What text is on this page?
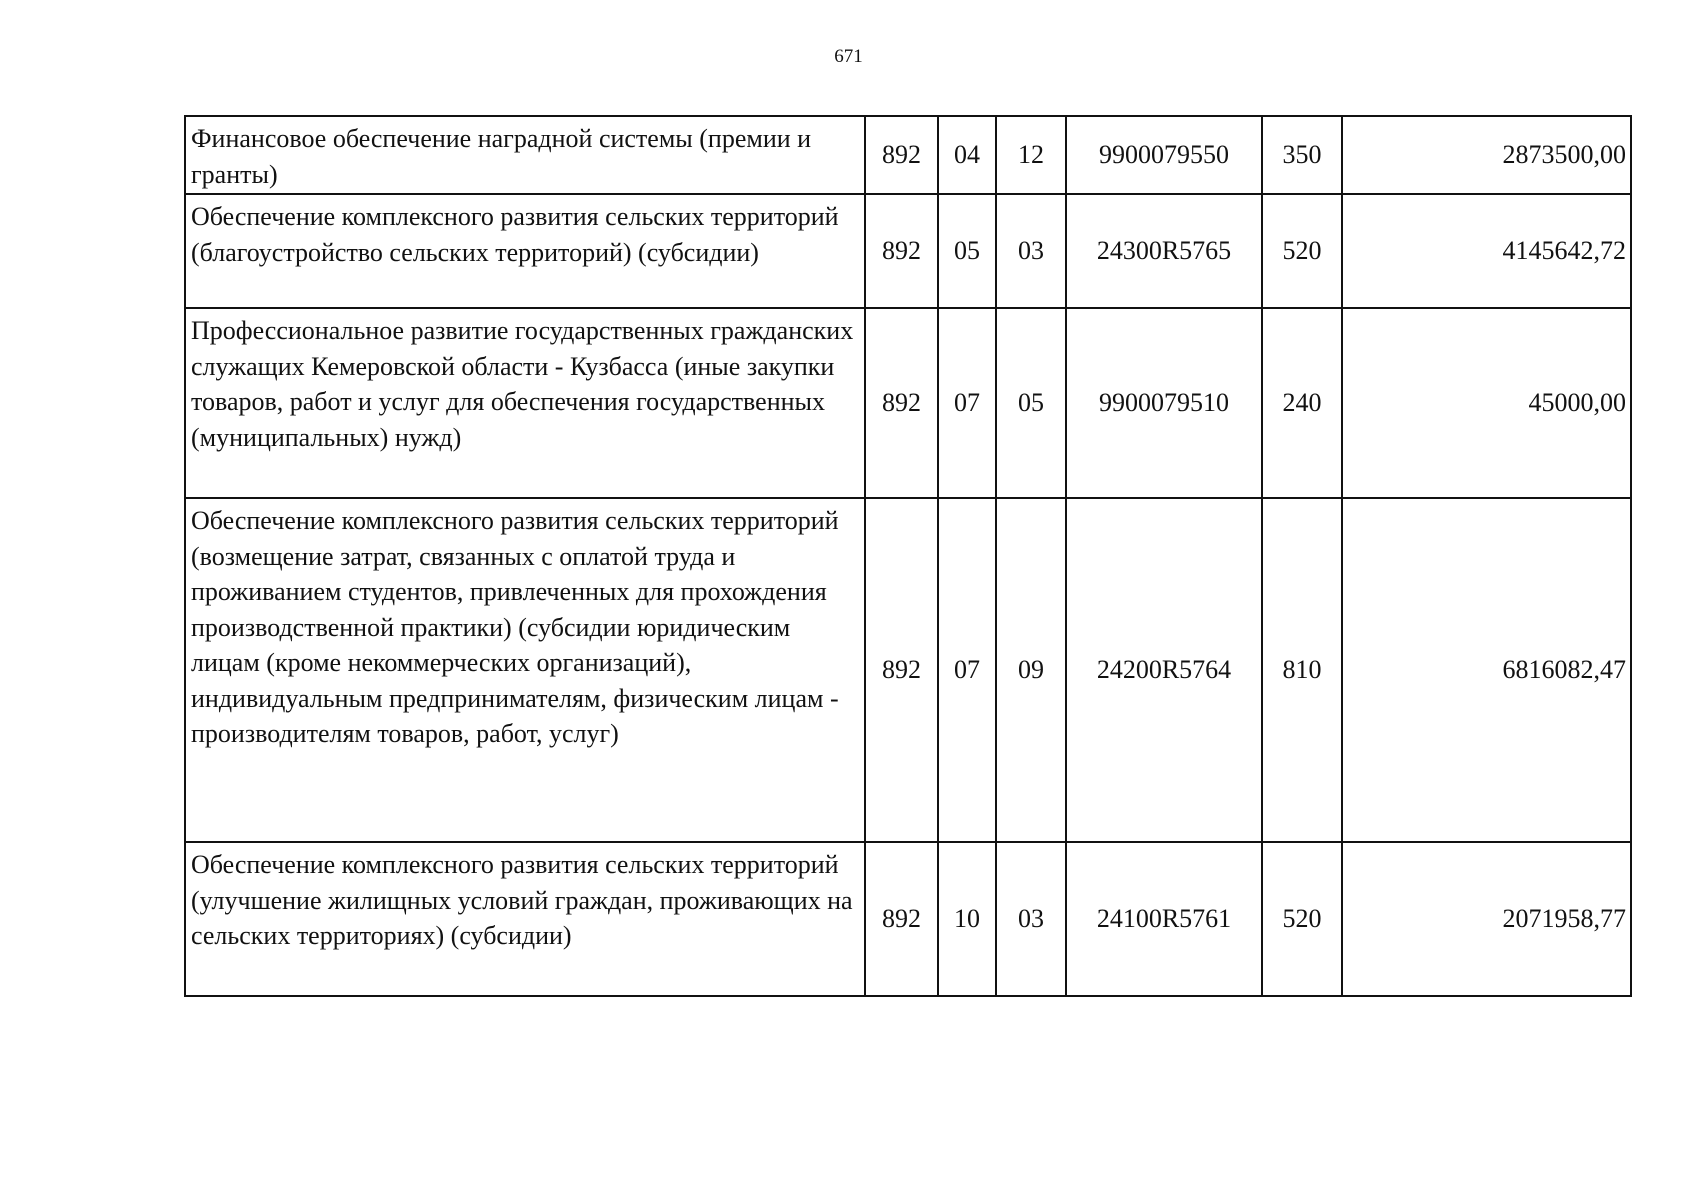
671
Финансовое обеспечение наградной системы (премии и гранты)	892	04	12	9900079550	350	2873500,00
Обеспечение комплексного развития сельских территорий (благоустройство сельских территорий) (субсидии)	892	05	03	24300R5765	520	4145642,72
Профессиональное развитие государственных гражданских служащих Кемеровской области - Кузбасса (иные закупки товаров, работ и услуг для обеспечения государственных (муниципальных) нужд)	892	07	05	9900079510	240	45000,00
Обеспечение комплексного развития сельских территорий (возмещение затрат, связанных с оплатой труда и проживанием студентов, привлеченных для прохождения производственной практики) (субсидии юридическим лицам (кроме некоммерческих организаций), индивидуальным предпринимателям, физическим лицам - производителям товаров, работ, услуг)	892	07	09	24200R5764	810	6816082,47
Обеспечение комплексного развития сельских территорий (улучшение жилищных условий граждан, проживающих на сельских территориях) (субсидии)	892	10	03	24100R5761	520	2071958,77
